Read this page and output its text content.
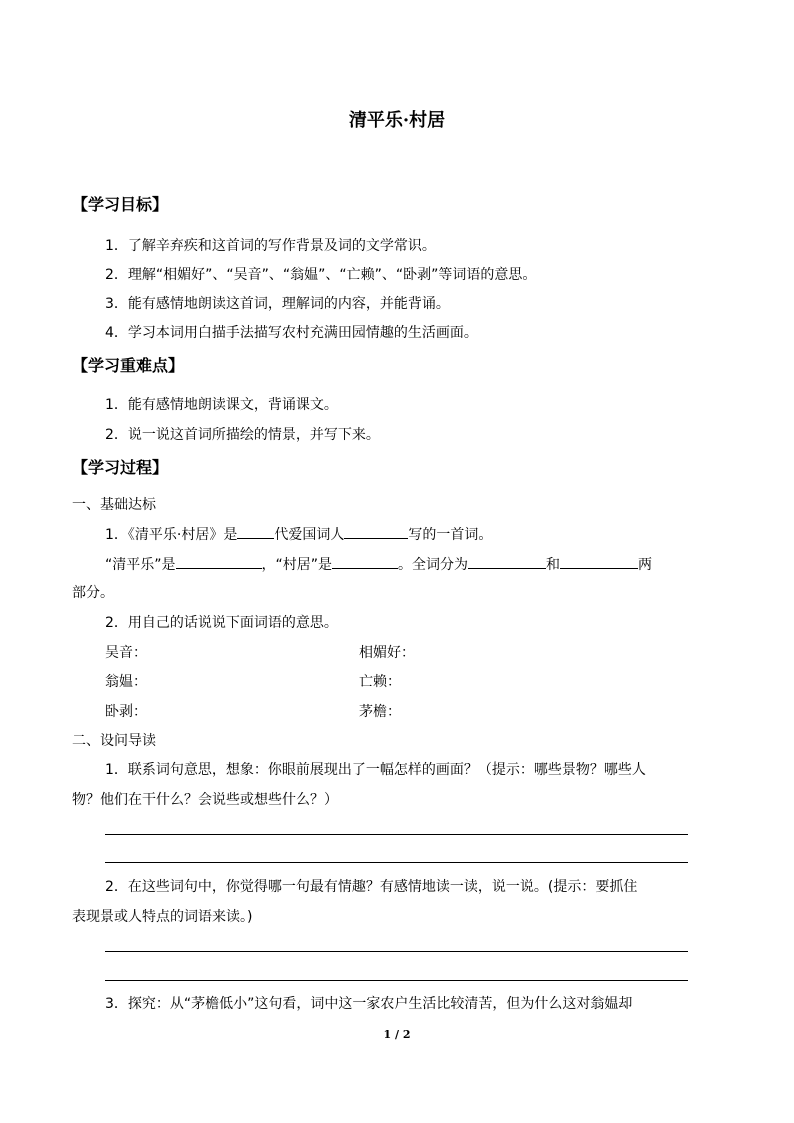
清平乐·村居
【学习目标】
1．了解辛弃疾和这首词的写作背景及词的文学常识。
2．理解“相媚好”、“吴音”、“翁媪”、“亡赖”、“卧剥”等词语的意思。
3．能有感情地朗读这首词，理解词的内容，并能背诵。
4．学习本词用白描手法描写农村充满田园情趣的生活画面。
【学习重难点】
1．能有感情地朗读课文，背诵课文。
2．说一说这首词所描绘的情景，并写下来。
【学习过程】
一、基础达标
1．《清平乐·村居》是	代爱国词人	写的一首词。
“清平乐”是	，“村居”是	。全词分为	和	两
部分。
2．用自己的话说说下面词语的意思。
吴音：	相媚好：
翁媪：	亡赖：
卧剥：	茅檐：
二、设问导读
1．联系词句意思，想象：你眼前展现出了一幅怎样的画面？（提示：哪些景物？哪些人
物？他们在干什么？会说些或想些什么？）
2．在这些词句中，你觉得哪一句最有情趣？有感情地读一读，说一说。(提示：要抓住
表现景或人特点的词语来读。)
3．探究：从“茅檐低小”这句看，词中这一家农户生活比较清苦，但为什么这对翁媪却
1 / 2
